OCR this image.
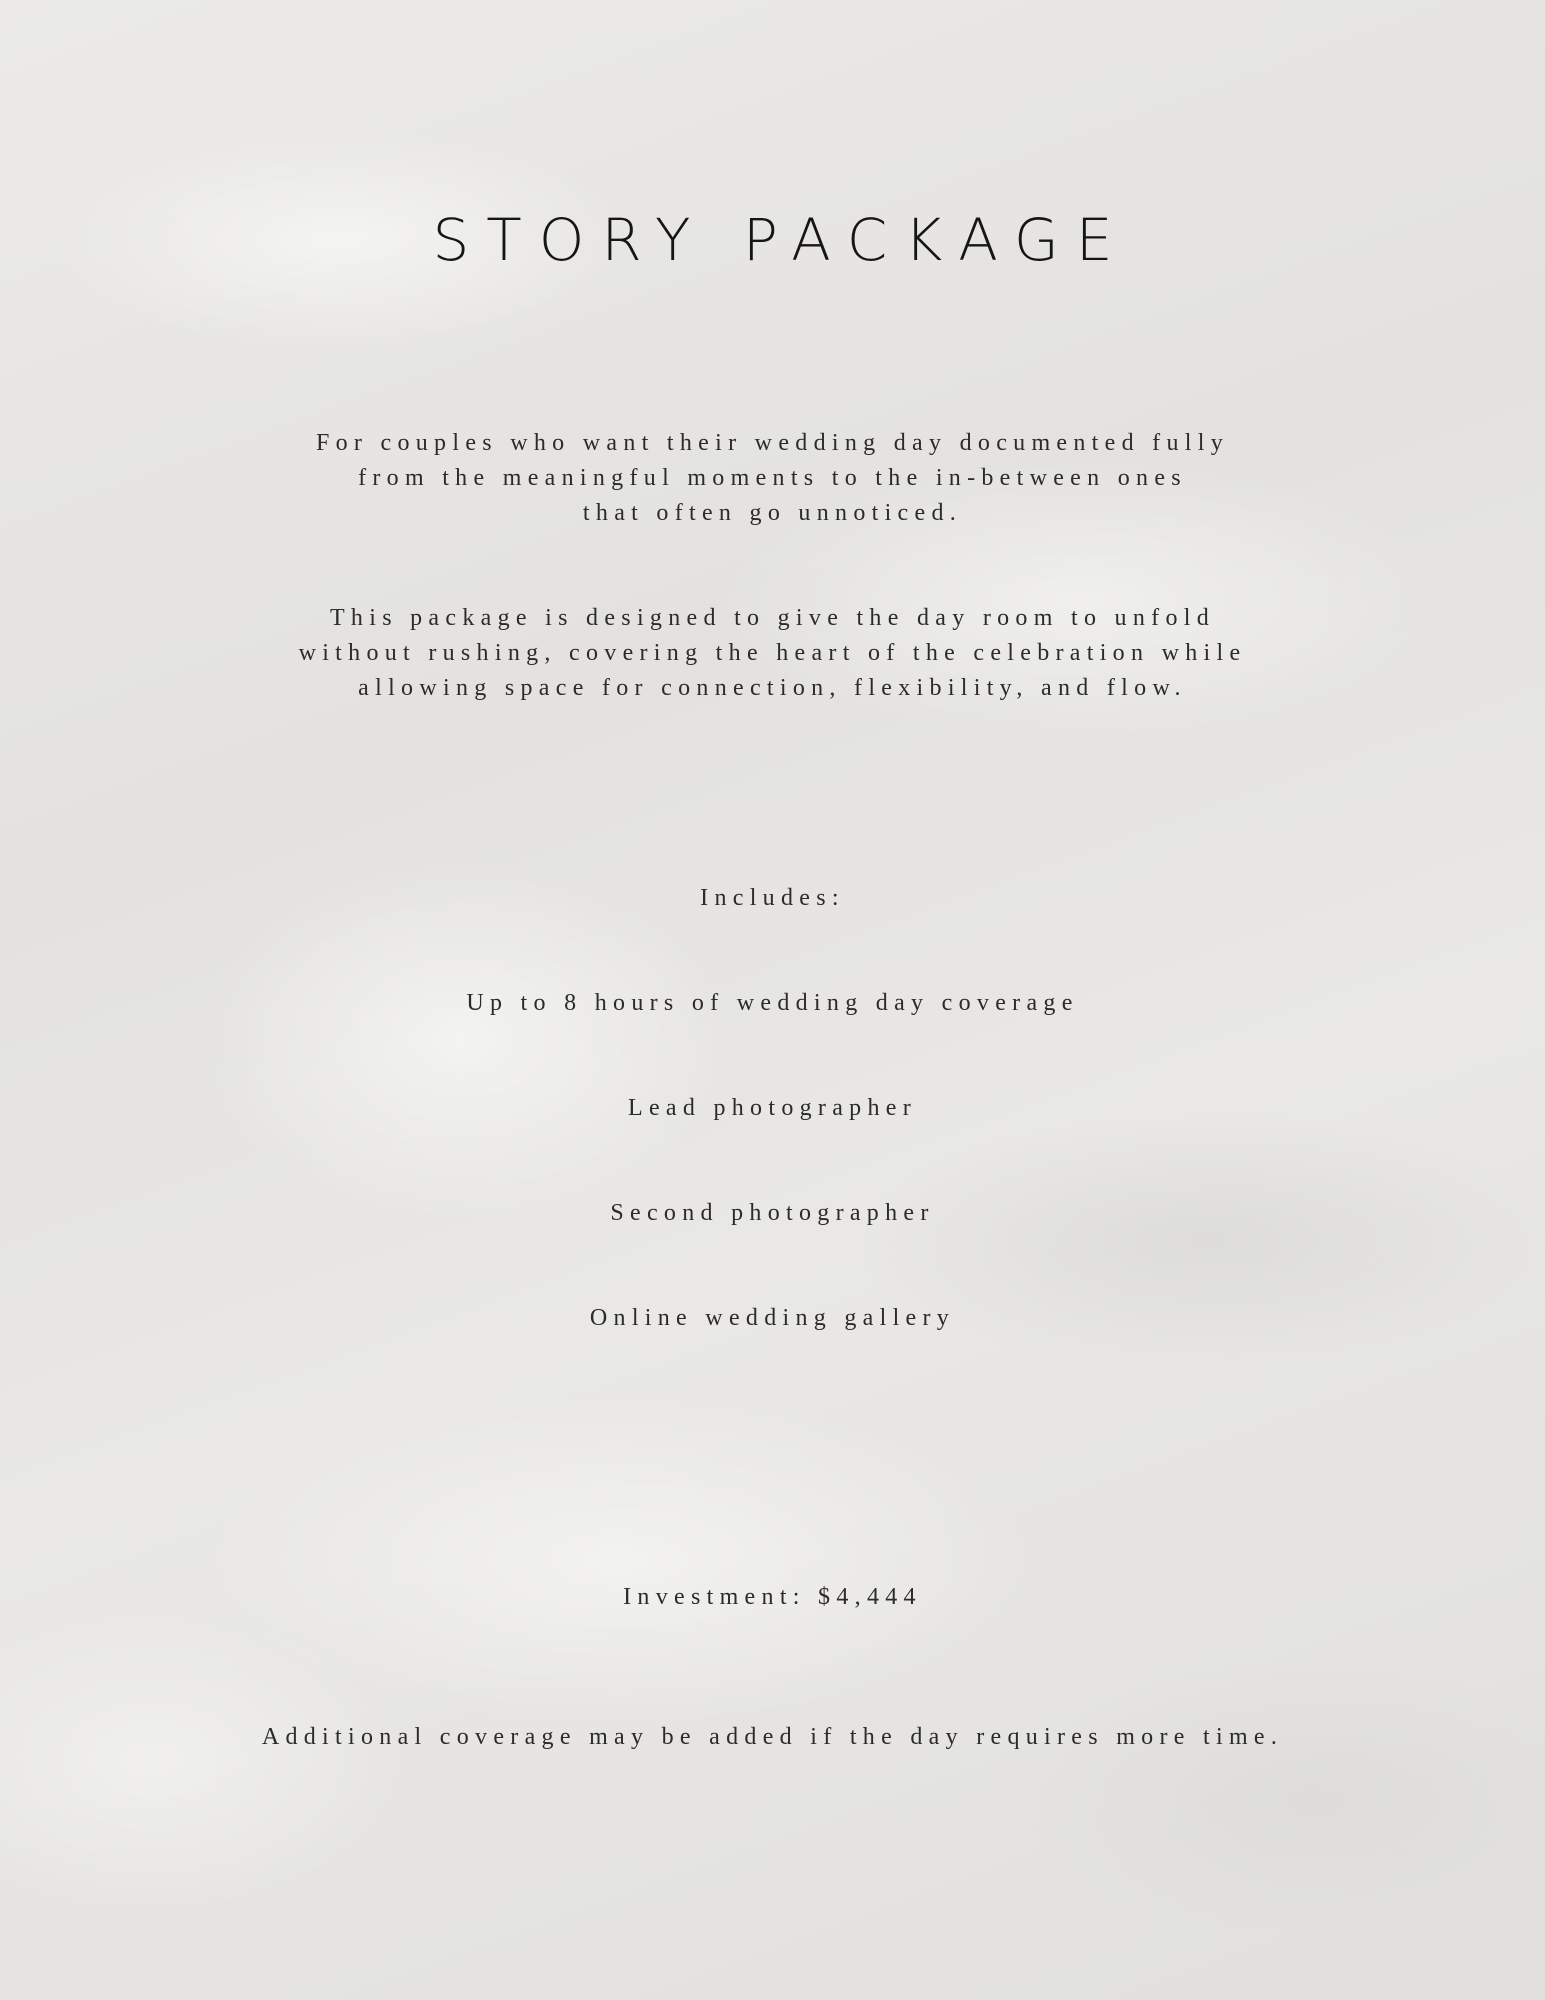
STORY PACKAGE

For couples who want their wedding day documented fully
from the meaningful moments to the in-between ones
that often go unnoticed.

This package is designed to give the day room to unfold
without rushing, covering the heart of the celebration while
allowing space for connection, flexibility, and flow.

Includes:

Up to 8 hours of wedding day coverage

Lead photographer

Second photographer

Online wedding gallery

Investment: $4,444

Additional coverage may be added if the day requires more time.
